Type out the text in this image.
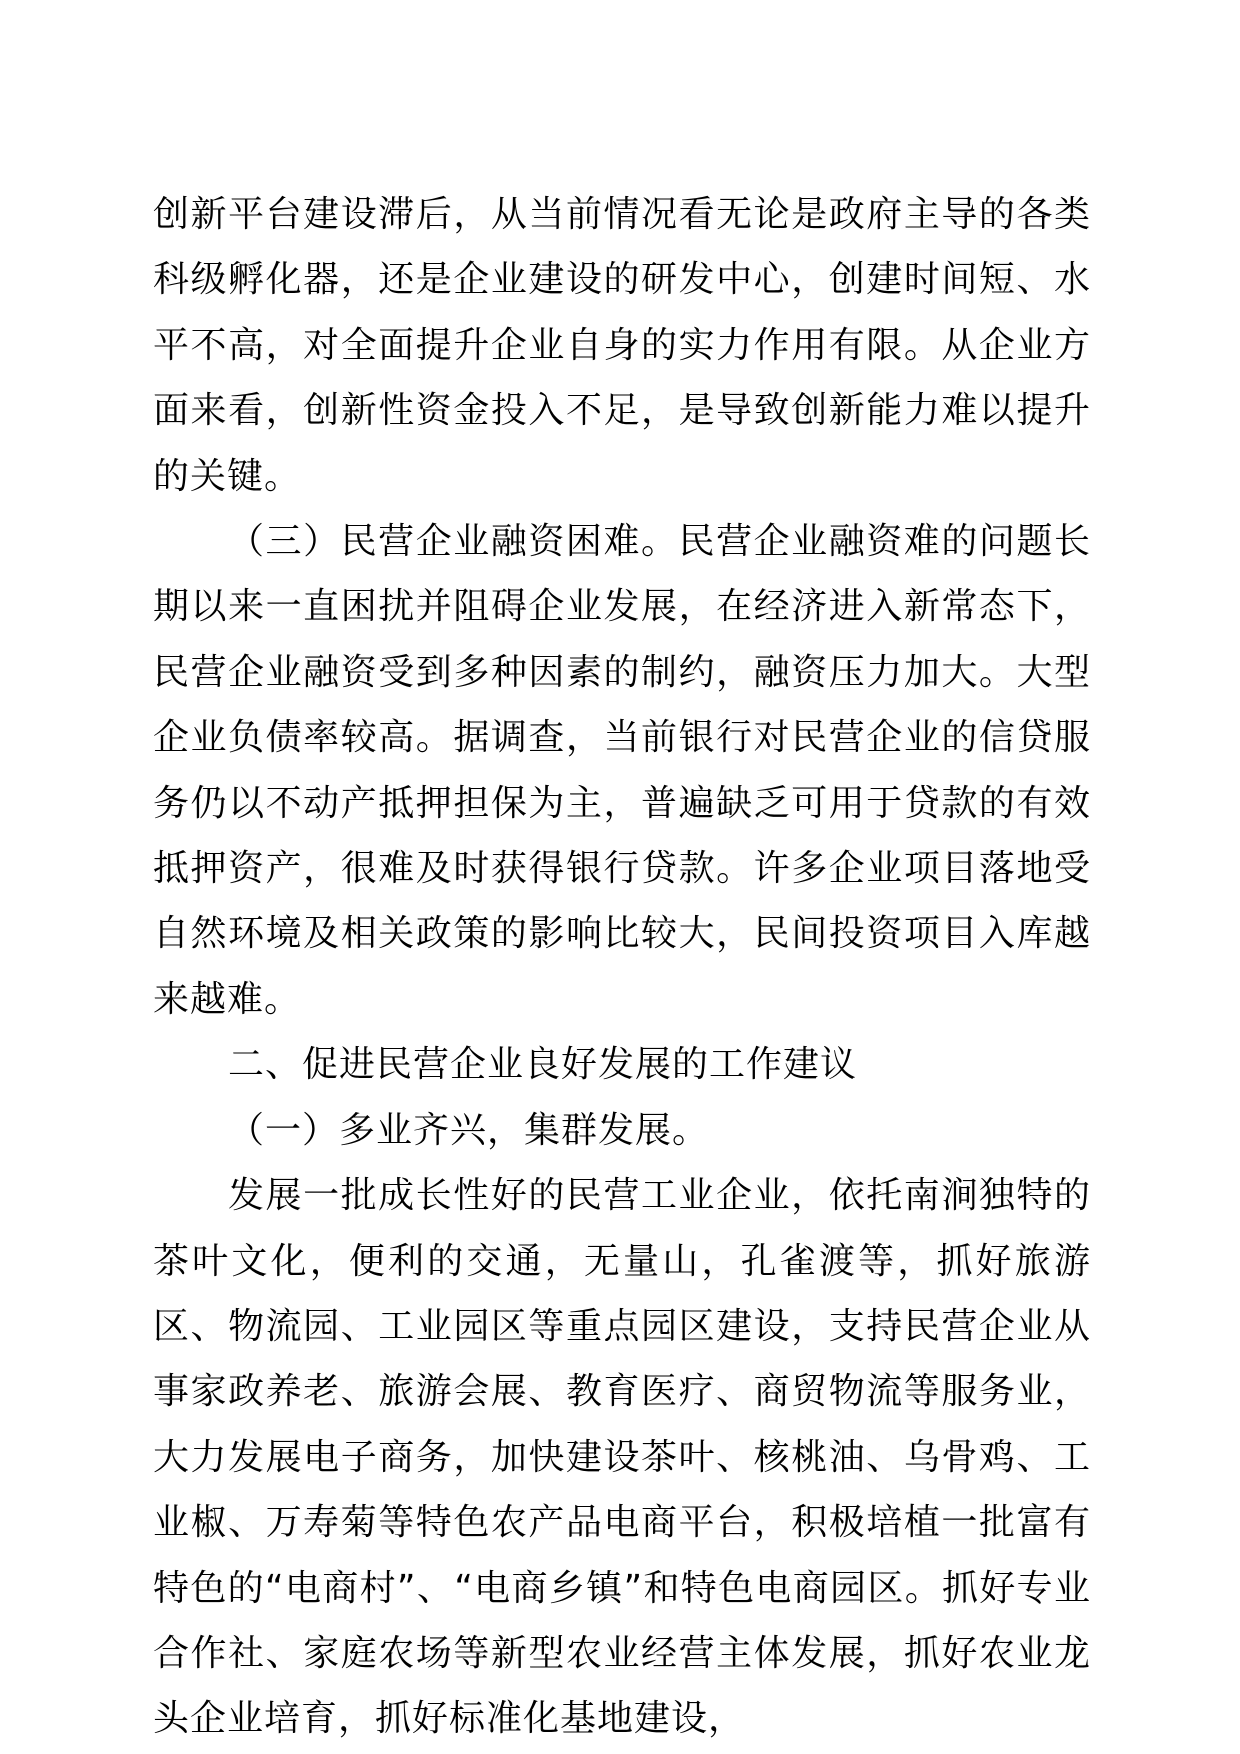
创新平台建设滞后，从当前情况看无论是政府主导的各类科级孵化器，还是企业建设的研发中心，创建时间短、水平不高，对全面提升企业自身的实力作用有限。从企业方面来看，创新性资金投入不足，是导致创新能力难以提升的关键。

（三）民营企业融资困难。民营企业融资难的问题长期以来一直困扰并阻碍企业发展，在经济进入新常态下，民营企业融资受到多种因素的制约，融资压力加大。大型企业负债率较高。据调查，当前银行对民营企业的信贷服务仍以不动产抵押担保为主，普遍缺乏可用于贷款的有效抵押资产，很难及时获得银行贷款。许多企业项目落地受自然环境及相关政策的影响比较大，民间投资项目入库越来越难。

二、促进民营企业良好发展的工作建议

（一）多业齐兴，集群发展。

发展一批成长性好的民营工业企业，依托南涧独特的茶叶文化，便利的交通，无量山，孔雀渡等，抓好旅游区、物流园、工业园区等重点园区建设，支持民营企业从事家政养老、旅游会展、教育医疗、商贸物流等服务业，大力发展电子商务，加快建设茶叶、核桃油、乌骨鸡、工业椒、万寿菊等特色农产品电商平台，积极培植一批富有特色的“电商村”、“电商乡镇”和特色电商园区。抓好专业合作社、家庭农场等新型农业经营主体发展，抓好农业龙头企业培育，抓好标准化基地建设，
